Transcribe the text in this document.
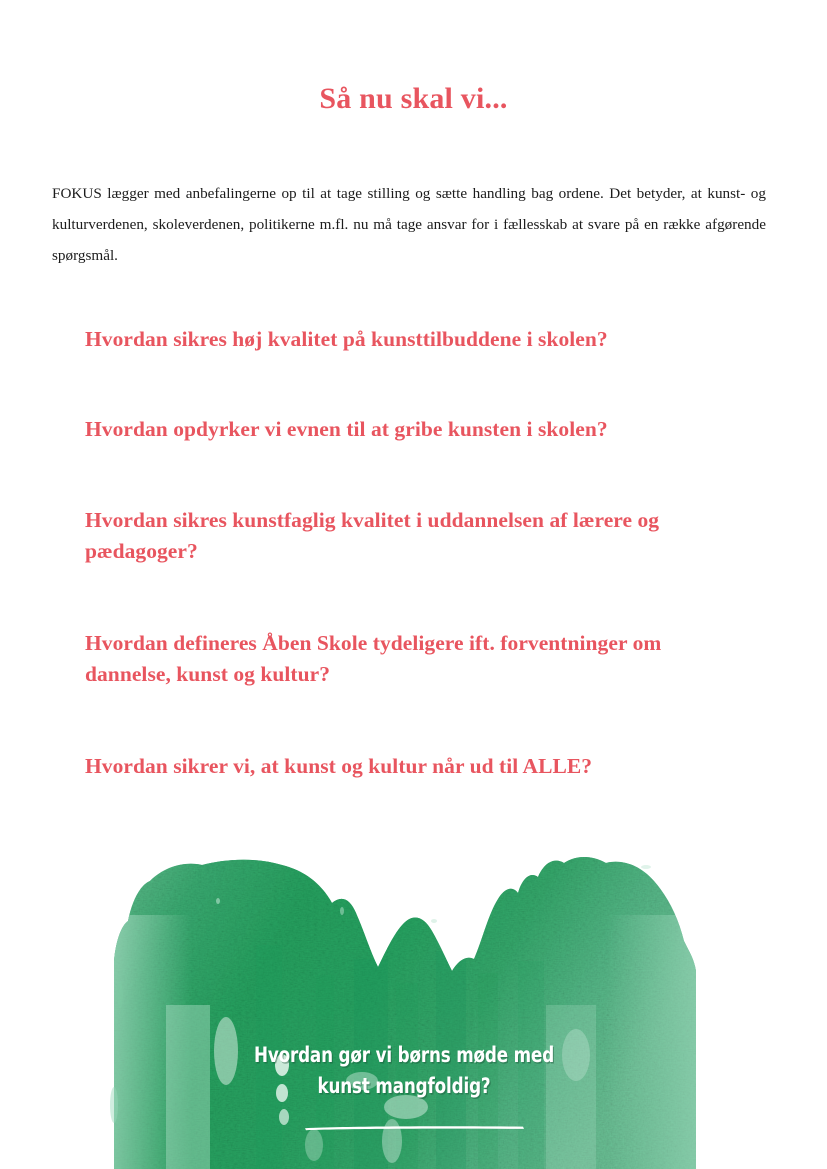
Så nu skal vi...
FOKUS lægger med anbefalingerne op til at tage stilling og sætte handling bag ordene. Det betyder, at kunst- og kulturverdenen, skoleverdenen, politikerne m.fl. nu må tage ansvar for i fællesskab at svare på en række afgørende spørgsmål.
Hvordan sikres høj kvalitet på kunsttilbuddene i skolen?
Hvordan opdyrker vi evnen til at gribe kunsten i skolen?
Hvordan sikres kunstfaglig kvalitet i uddannelsen af lærere og pædagoger?
Hvordan defineres Åben Skole tydeligere ift. forventninger om dannelse, kunst og kultur?
Hvordan sikrer vi, at kunst og kultur når ud til ALLE?
Hvordan gør vi børns møde med
kunst mangfoldig?
